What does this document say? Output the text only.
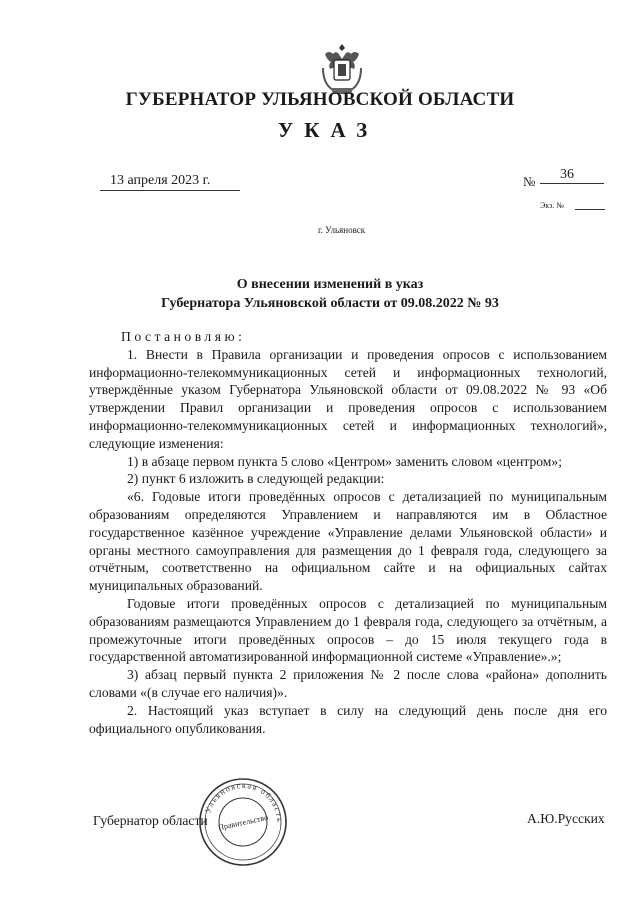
ГУБЕРНАТОР УЛЬЯНОВСКОЙ ОБЛАСТИ
УКАЗ
13 апреля 2023 г.	№ 36
Экз. №
г. Ульяновск
О внесении изменений в указ
Губернатора Ульяновской области от 09.08.2022 № 93

Постановляю:

1. Внести в Правила организации и проведения опросов с использованием информационно-телекоммуникационных сетей и информационных технологий, утверждённые указом Губернатора Ульяновской области от 09.08.2022 № 93 «Об утверждении Правил организации и проведения опросов с использованием информационно-телекоммуникационных сетей и информационных технологий», следующие изменения:

1) в абзаце первом пункта 5 слово «Центром» заменить словом «центром»;

2) пункт 6 изложить в следующей редакции:

«6. Годовые итоги проведённых опросов с детализацией по муниципальным образованиям определяются Управлением и направляются им в Областное государственное казённое учреждение «Управление делами Ульяновской области» и органы местного самоуправления для размещения до 1 февраля года, следующего за отчётным, соответственно на официальном сайте и на официальных сайтах муниципальных образований.

Годовые итоги проведённых опросов с детализацией по муниципальным образованиям размещаются Управлением до 1 февраля года, следующего за отчётным, а промежуточные итоги проведённых опросов – до 15 июля текущего года в государственной автоматизированной информационной системе «Управление».»;

3) абзац первый пункта 2 приложения № 2 после слова «района» дополнить словами «(в случае его наличия)».

2. Настоящий указ вступает в силу на следующий день после дня его официального опубликования.

Губернатор области	А.Ю.Русских
Ульяновская область
Правительство
